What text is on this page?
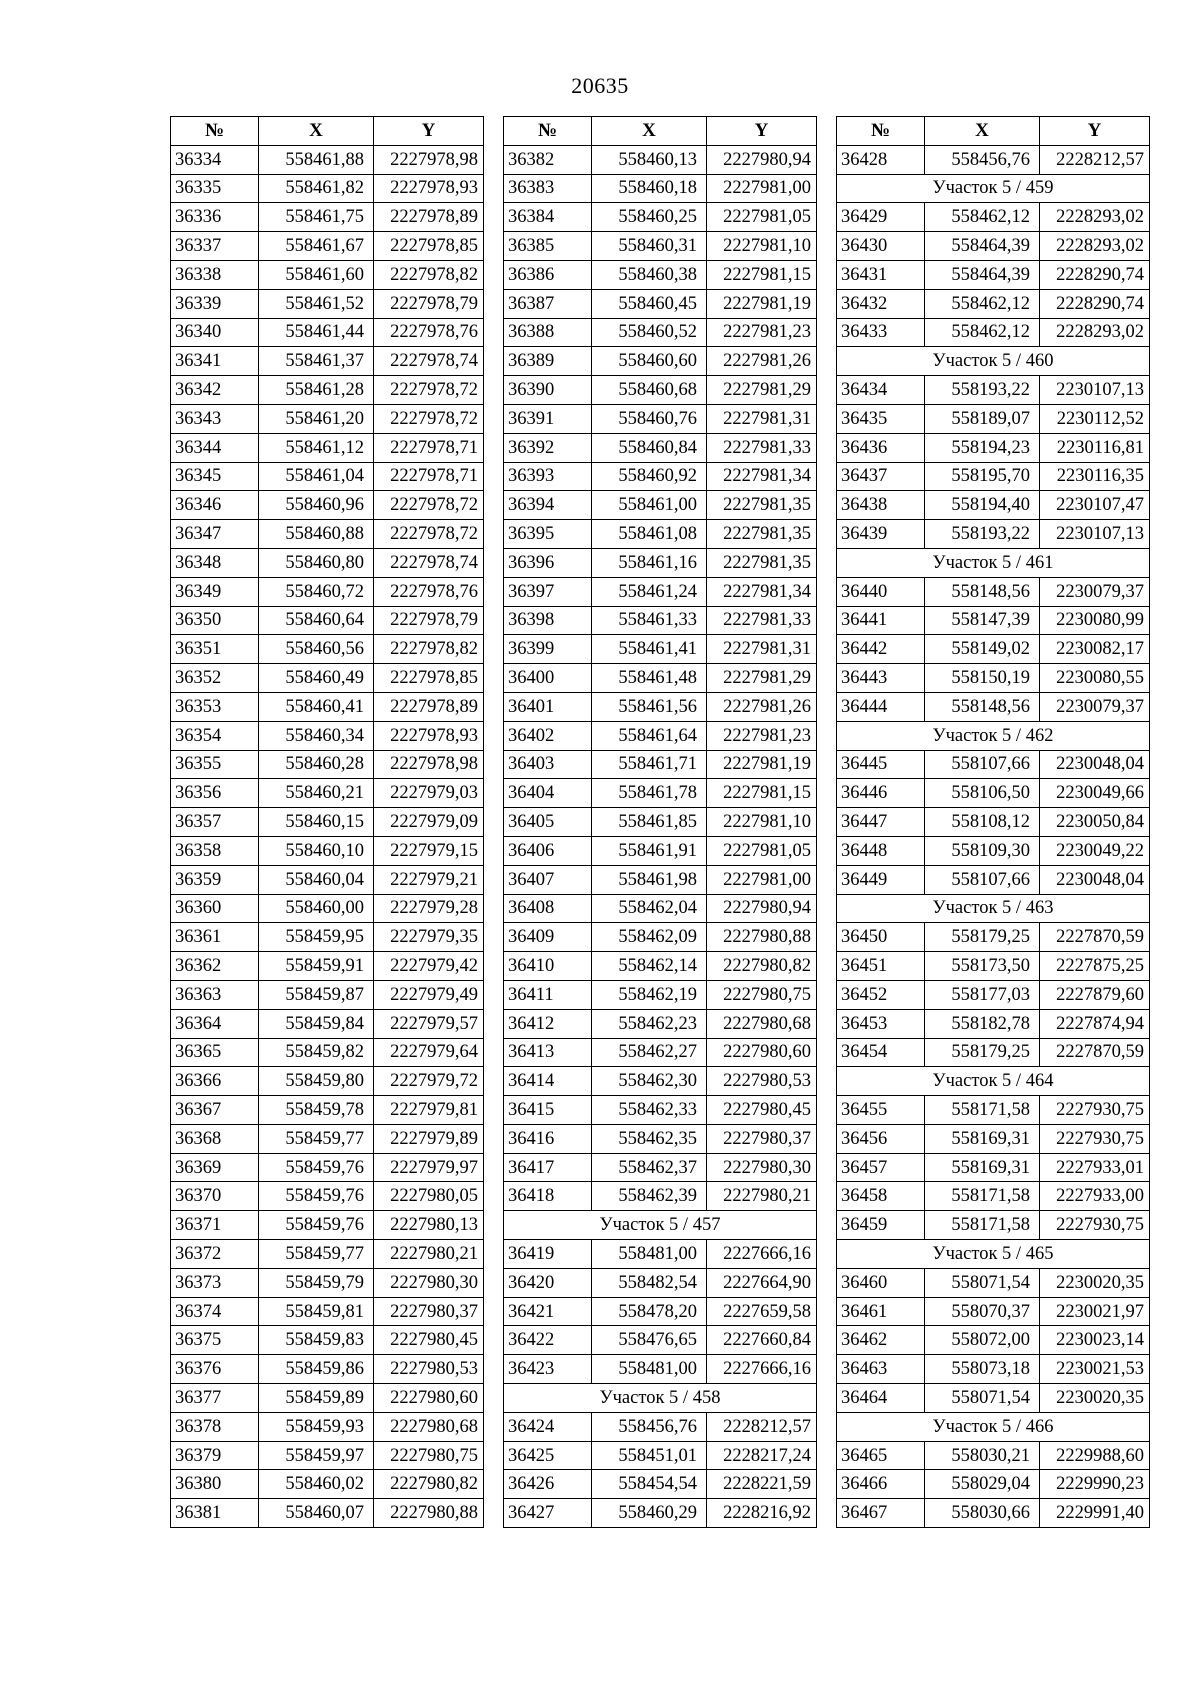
20635
№	X	Y
36334	558461,88	2227978,98
36335	558461,82	2227978,93
36336	558461,75	2227978,89
36337	558461,67	2227978,85
36338	558461,60	2227978,82
36339	558461,52	2227978,79
36340	558461,44	2227978,76
36341	558461,37	2227978,74
36342	558461,28	2227978,72
36343	558461,20	2227978,72
36344	558461,12	2227978,71
36345	558461,04	2227978,71
36346	558460,96	2227978,72
36347	558460,88	2227978,72
36348	558460,80	2227978,74
36349	558460,72	2227978,76
36350	558460,64	2227978,79
36351	558460,56	2227978,82
36352	558460,49	2227978,85
36353	558460,41	2227978,89
36354	558460,34	2227978,93
36355	558460,28	2227978,98
36356	558460,21	2227979,03
36357	558460,15	2227979,09
36358	558460,10	2227979,15
36359	558460,04	2227979,21
36360	558460,00	2227979,28
36361	558459,95	2227979,35
36362	558459,91	2227979,42
36363	558459,87	2227979,49
36364	558459,84	2227979,57
36365	558459,82	2227979,64
36366	558459,80	2227979,72
36367	558459,78	2227979,81
36368	558459,77	2227979,89
36369	558459,76	2227979,97
36370	558459,76	2227980,05
36371	558459,76	2227980,13
36372	558459,77	2227980,21
36373	558459,79	2227980,30
36374	558459,81	2227980,37
36375	558459,83	2227980,45
36376	558459,86	2227980,53
36377	558459,89	2227980,60
36378	558459,93	2227980,68
36379	558459,97	2227980,75
36380	558460,02	2227980,82
36381	558460,07	2227980,88
№	X	Y
36382	558460,13	2227980,94
36383	558460,18	2227981,00
36384	558460,25	2227981,05
36385	558460,31	2227981,10
36386	558460,38	2227981,15
36387	558460,45	2227981,19
36388	558460,52	2227981,23
36389	558460,60	2227981,26
36390	558460,68	2227981,29
36391	558460,76	2227981,31
36392	558460,84	2227981,33
36393	558460,92	2227981,34
36394	558461,00	2227981,35
36395	558461,08	2227981,35
36396	558461,16	2227981,35
36397	558461,24	2227981,34
36398	558461,33	2227981,33
36399	558461,41	2227981,31
36400	558461,48	2227981,29
36401	558461,56	2227981,26
36402	558461,64	2227981,23
36403	558461,71	2227981,19
36404	558461,78	2227981,15
36405	558461,85	2227981,10
36406	558461,91	2227981,05
36407	558461,98	2227981,00
36408	558462,04	2227980,94
36409	558462,09	2227980,88
36410	558462,14	2227980,82
36411	558462,19	2227980,75
36412	558462,23	2227980,68
36413	558462,27	2227980,60
36414	558462,30	2227980,53
36415	558462,33	2227980,45
36416	558462,35	2227980,37
36417	558462,37	2227980,30
36418	558462,39	2227980,21
Участок 5 / 457		
36419	558481,00	2227666,16
36420	558482,54	2227664,90
36421	558478,20	2227659,58
36422	558476,65	2227660,84
36423	558481,00	2227666,16
Участок 5 / 458		
36424	558456,76	2228212,57
36425	558451,01	2228217,24
36426	558454,54	2228221,59
36427	558460,29	2228216,92
№	X	Y
36428	558456,76	2228212,57
Участок 5 / 459		
36429	558462,12	2228293,02
36430	558464,39	2228293,02
36431	558464,39	2228290,74
36432	558462,12	2228290,74
36433	558462,12	2228293,02
Участок 5 / 460		
36434	558193,22	2230107,13
36435	558189,07	2230112,52
36436	558194,23	2230116,81
36437	558195,70	2230116,35
36438	558194,40	2230107,47
36439	558193,22	2230107,13
Участок 5 / 461		
36440	558148,56	2230079,37
36441	558147,39	2230080,99
36442	558149,02	2230082,17
36443	558150,19	2230080,55
36444	558148,56	2230079,37
Участок 5 / 462		
36445	558107,66	2230048,04
36446	558106,50	2230049,66
36447	558108,12	2230050,84
36448	558109,30	2230049,22
36449	558107,66	2230048,04
Участок 5 / 463		
36450	558179,25	2227870,59
36451	558173,50	2227875,25
36452	558177,03	2227879,60
36453	558182,78	2227874,94
36454	558179,25	2227870,59
Участок 5 / 464		
36455	558171,58	2227930,75
36456	558169,31	2227930,75
36457	558169,31	2227933,01
36458	558171,58	2227933,00
36459	558171,58	2227930,75
Участок 5 / 465		
36460	558071,54	2230020,35
36461	558070,37	2230021,97
36462	558072,00	2230023,14
36463	558073,18	2230021,53
36464	558071,54	2230020,35
Участок 5 / 466		
36465	558030,21	2229988,60
36466	558029,04	2229990,23
36467	558030,66	2229991,40
